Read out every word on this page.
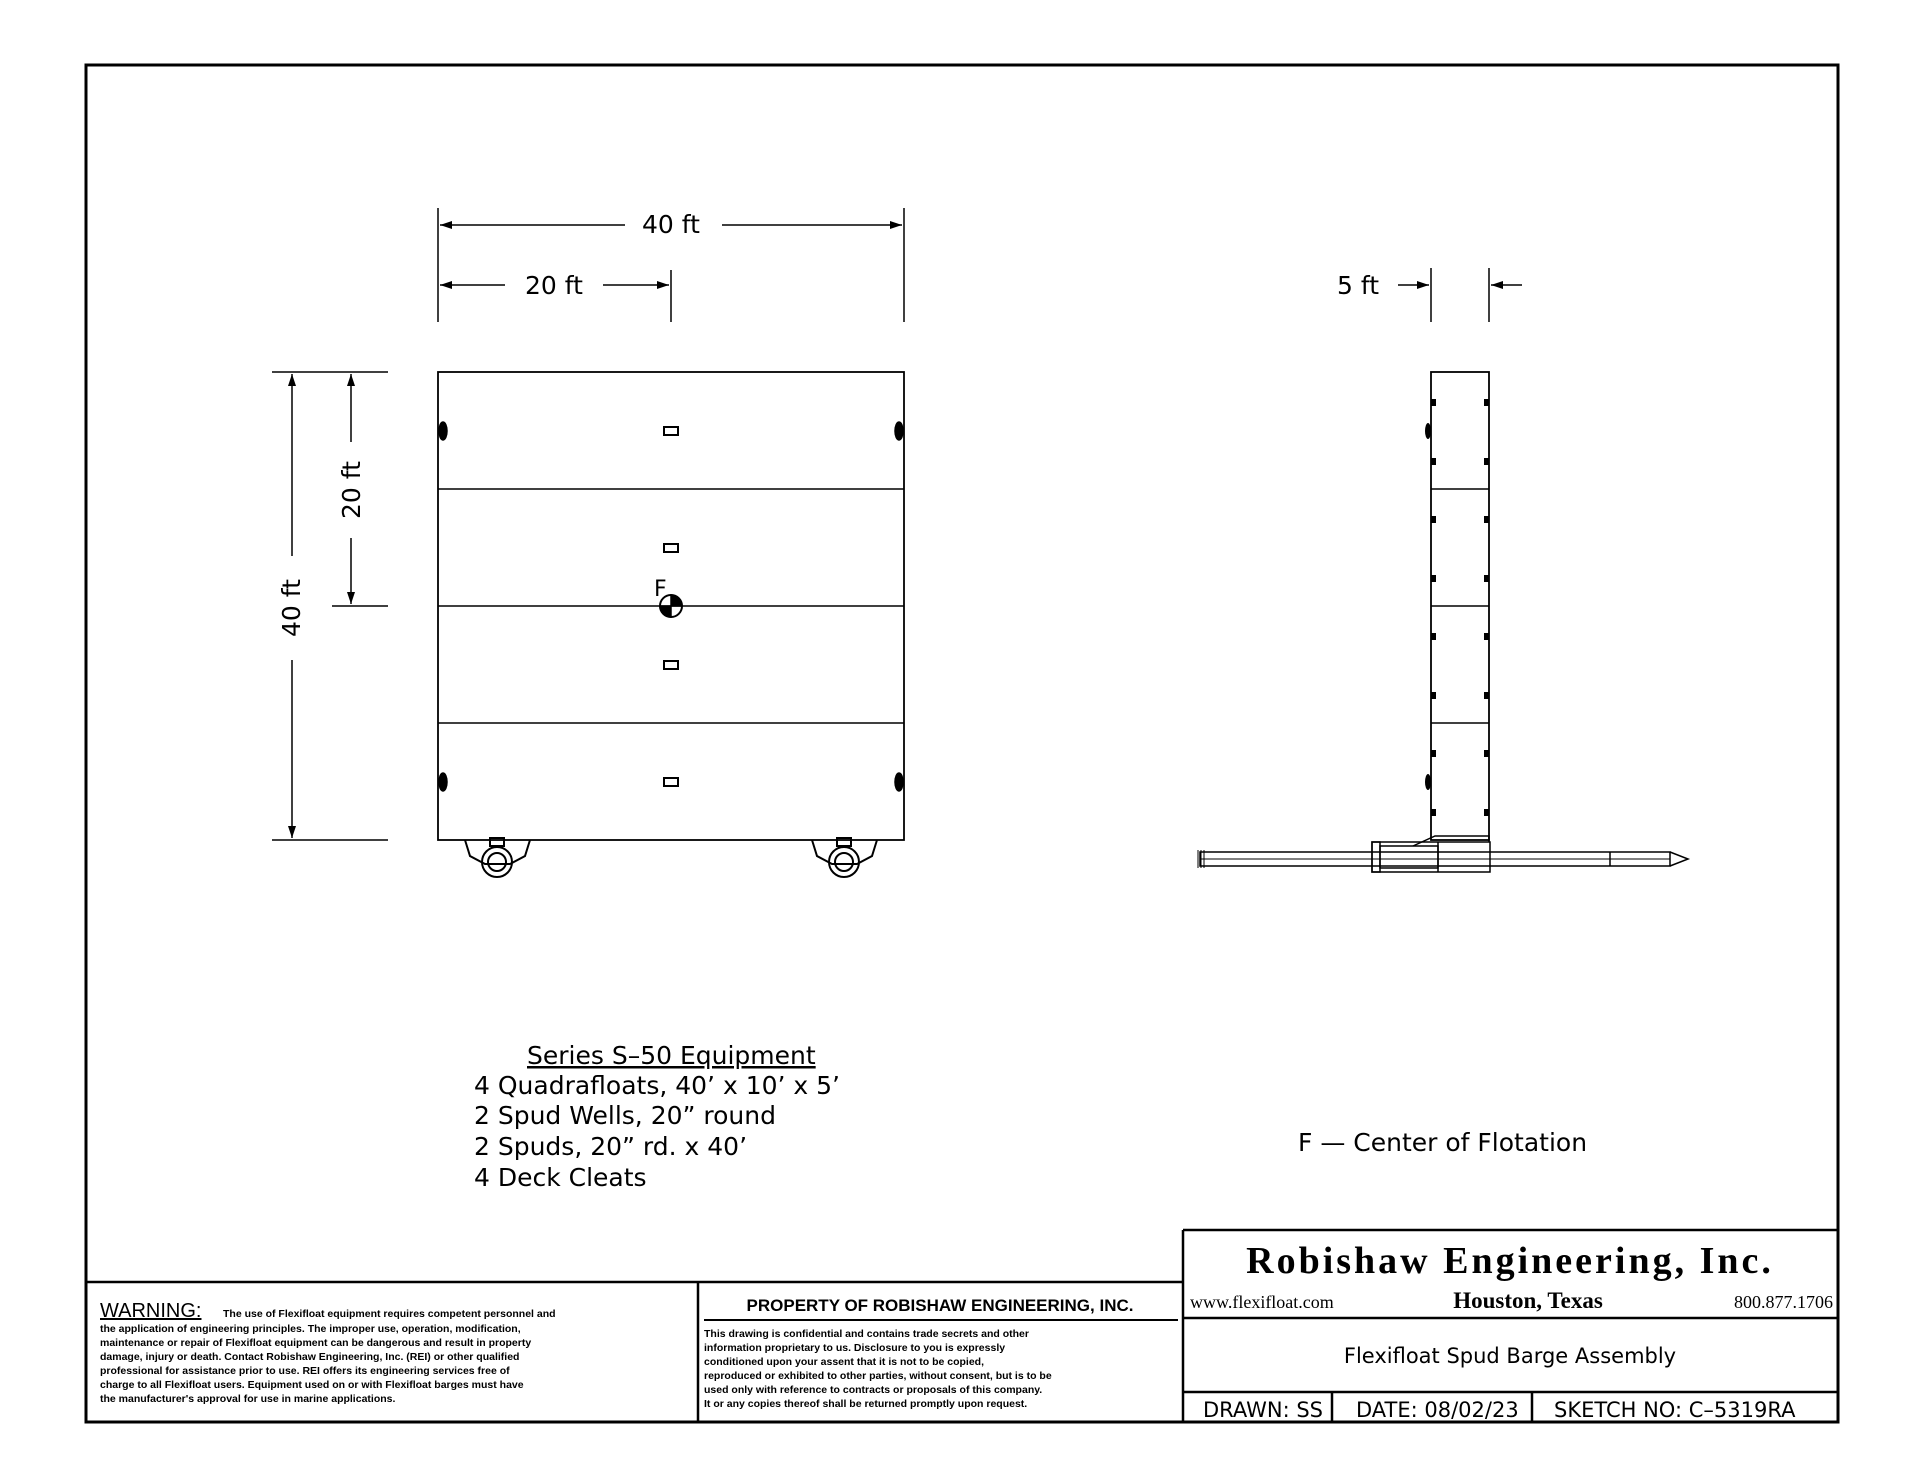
40 ft
20 ft
40 ft
20 ft
F
5 ft
Series S–50 Equipment
4 Quadrafloats, 40’ x 10’ x 5’
2 Spud Wells, 20” round
2 Spuds, 20” rd. x 40’
4 Deck Cleats
F — Center of Flotation
WARNING: The use of Flexifloat equipment requires competent personnel and
the application of engineering principles. The improper use, operation, modification,
maintenance or repair of Flexifloat equipment can be dangerous and result in property
damage, injury or death. Contact Robishaw Engineering, Inc. (REI) or other qualified
professional for assistance prior to use. REI offers its engineering services free of
charge to all Flexifloat users. Equipment used on or with Flexifloat barges must have
the manufacturer's approval for use in marine applications.
PROPERTY OF ROBISHAW ENGINEERING, INC.
This drawing is confidential and contains trade secrets and other
information proprietary to us. Disclosure to you is expressly
conditioned upon your assent that it is not to be copied,
reproduced or exhibited to other parties, without consent, but is to be
used only with reference to contracts or proposals of this company.
It or any copies thereof shall be returned promptly upon request.
Robishaw Engineering, Inc.
www.flexifloat.com	Houston, Texas	800.877.1706
Flexifloat Spud Barge Assembly
DRAWN: SS DATE: 08/02/23 SKETCH NO: C–5319RA
